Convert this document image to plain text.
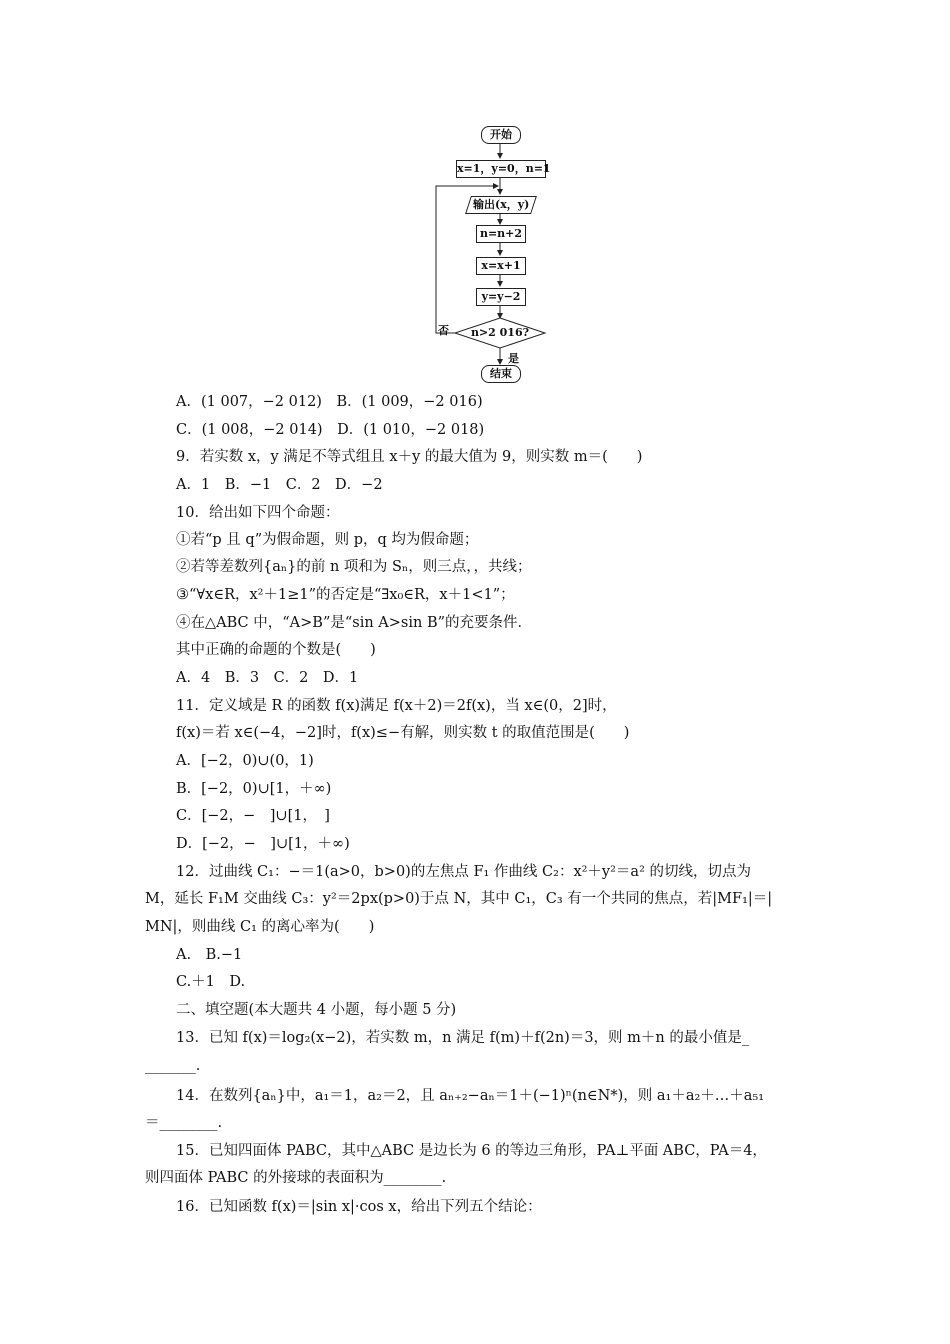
开始
x=1，y=0，n=1
输出(x，y)
n=n+2
x=x+1
y=y−2
n>2 016?
否
是
结束
A．(1 007，−2 012)　B．(1 009，−2 016)
C．(1 008，−2 014)　D．(1 010，−2 018)
9．若实数 x，y 满足不等式组且 x＋y 的最大值为 9，则实数 m＝(　　)
A．1　B．−1　C．2　D．−2
10．给出如下四个命题：
①若“p 且 q”为假命题，则 p，q 均为假命题；
②若等差数列{aₙ}的前 n 项和为 Sₙ，则三点，，共线；
③“∀x∈R，x²＋1≥1”的否定是“∃x₀∈R，x＋1<1”；
④在△ABC 中，“A>B”是“sin A>sin B”的充要条件．
其中正确的命题的个数是(　　)
A．4　B．3　C．2　D．1
11．定义域是 R 的函数 f(x)满足 f(x＋2)＝2f(x)，当 x∈(0，2]时，
f(x)＝若 x∈(−4，−2]时，f(x)≤−有解，则实数 t 的取值范围是(　　)
A．[−2，0)∪(0，1)
B．[−2，0)∪[1，＋∞)
C．[−2，−　]∪[1，　]
D．[−2，−　]∪[1，＋∞)
12．过曲线 C₁：−＝1(a>0，b>0)的左焦点 F₁ 作曲线 C₂：x²＋y²＝a² 的切线，切点为
M，延长 F₁M 交曲线 C₃：y²＝2px(p>0)于点 N，其中 C₁，C₃ 有一个共同的焦点，若|MF₁|＝|
MN|，则曲线 C₁ 的离心率为(　　)
A.　B.−1
C.＋1　D.
二、填空题(本大题共 4 小题，每小题 5 分)
13．已知 f(x)＝log₂(x−2)，若实数 m，n 满足 f(m)＋f(2n)＝3，则 m＋n 的最小值是_
_______.
14．在数列{aₙ}中，a₁＝1，a₂＝2，且 aₙ₊₂−aₙ＝1＋(−1)ⁿ(n∈N*)，则 a₁＋a₂＋…＋a₅₁
＝________.
15．已知四面体 PABC，其中△ABC 是边长为 6 的等边三角形，PA⊥平面 ABC，PA＝4，
则四面体 PABC 的外接球的表面积为________.
16．已知函数 f(x)＝|sin x|·cos x，给出下列五个结论：
